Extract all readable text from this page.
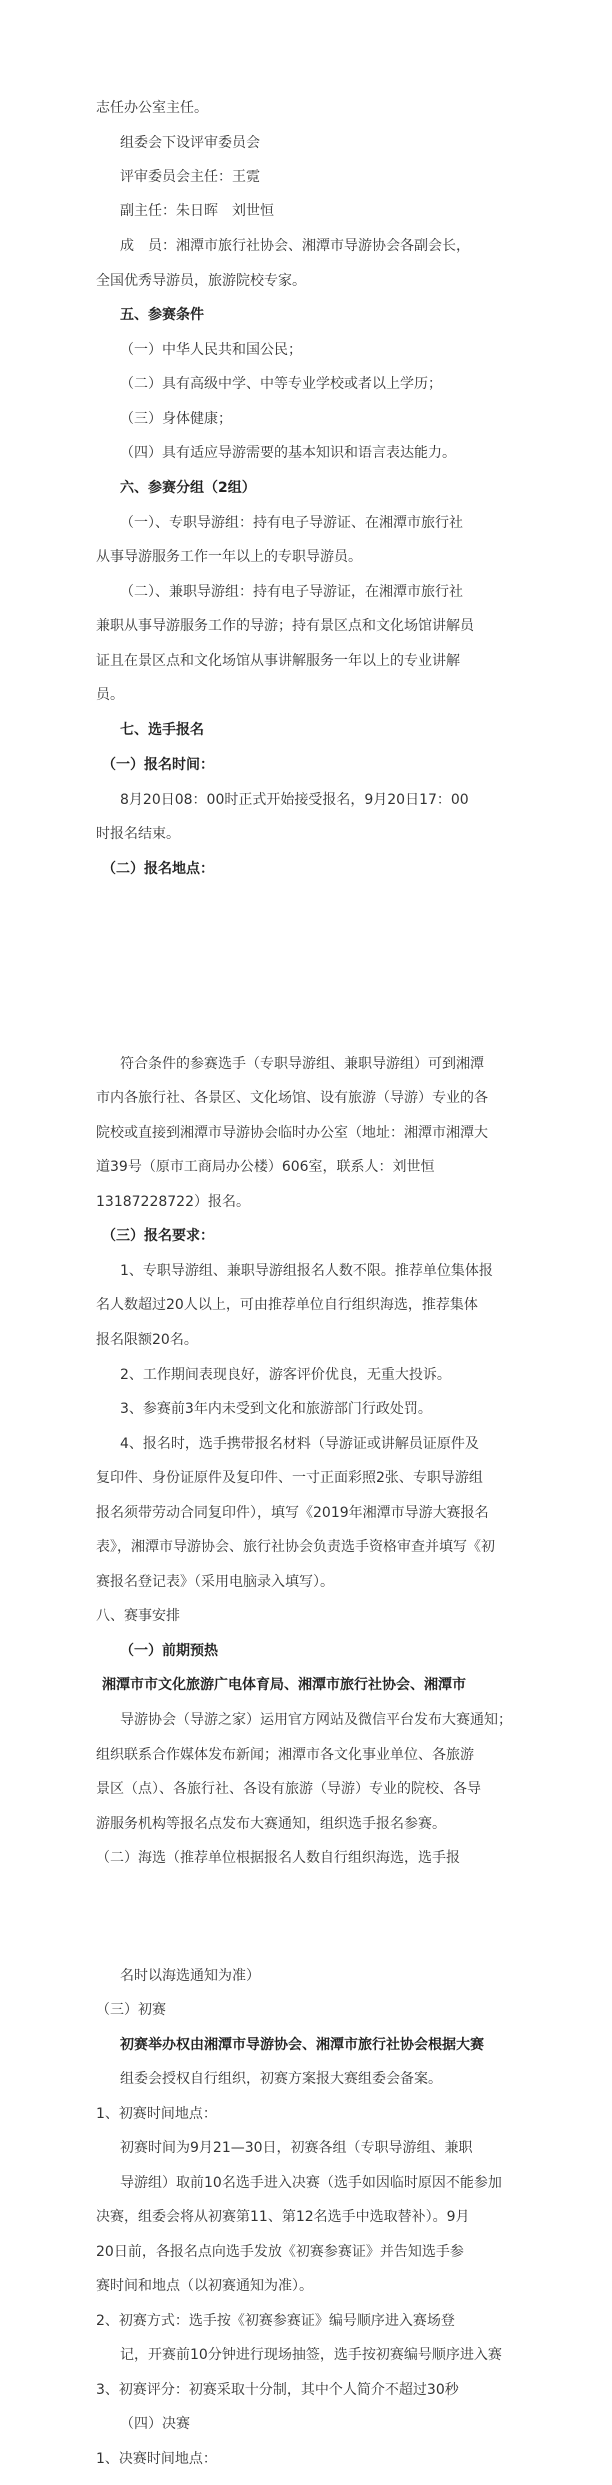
志任办公室主任。
组委会下设评审委员会
评审委员会主任：王霓
副主任：朱日晖　刘世恒
成　员：湘潭市旅行社协会、湘潭市导游协会各副会长，
全国优秀导游员，旅游院校专家。
五、参赛条件
（一）中华人民共和国公民；
（二）具有高级中学、中等专业学校或者以上学历；
（三）身体健康；
（四）具有适应导游需要的基本知识和语言表达能力。
六、参赛分组（2组）
（一）、专职导游组：持有电子导游证、在湘潭市旅行社
从事导游服务工作一年以上的专职导游员。
（二）、兼职导游组：持有电子导游证，在湘潭市旅行社
兼职从事导游服务工作的导游；持有景区点和文化场馆讲解员
证且在景区点和文化场馆从事讲解服务一年以上的专业讲解
员。
七、选手报名
（一）报名时间：
8月20日08：00时正式开始接受报名，9月20日17：00
时报名结束。
（二）报名地点：
符合条件的参赛选手（专职导游组、兼职导游组）可到湘潭
市内各旅行社、各景区、文化场馆、设有旅游（导游）专业的各
院校或直接到湘潭市导游协会临时办公室（地址：湘潭市湘潭大
道39号（原市工商局办公楼）606室，联系人：刘世恒
13187228722）报名。
（三）报名要求：
1、专职导游组、兼职导游组报名人数不限。推荐单位集体报
名人数超过20人以上，可由推荐单位自行组织海选，推荐集体
报名限额20名。
2、工作期间表现良好，游客评价优良，无重大投诉。
3、参赛前3年内未受到文化和旅游部门行政处罚。
4、报名时，选手携带报名材料（导游证或讲解员证原件及
复印件、身份证原件及复印件、一寸正面彩照2张、专职导游组
报名须带劳动合同复印件），填写《2019年湘潭市导游大赛报名
表》，湘潭市导游协会、旅行社协会负责选手资格审查并填写《初
赛报名登记表》（采用电脑录入填写）。
八、赛事安排
（一）前期预热
湘潭市市文化旅游广电体育局、湘潭市旅行社协会、湘潭市
导游协会（导游之家）运用官方网站及微信平台发布大赛通知；
组织联系合作媒体发布新闻；湘潭市各文化事业单位、各旅游
景区（点）、各旅行社、各设有旅游（导游）专业的院校、各导
游服务机构等报名点发布大赛通知，组织选手报名参赛。
（二）海选（推荐单位根据报名人数自行组织海选，选手报
名时以海选通知为准）
（三）初赛
初赛举办权由湘潭市导游协会、湘潭市旅行社协会根据大赛
组委会授权自行组织，初赛方案报大赛组委会备案。
1、初赛时间地点：
初赛时间为9月21—30日，初赛各组（专职导游组、兼职
导游组）取前10名选手进入决赛（选手如因临时原因不能参加
决赛，组委会将从初赛第11、第12名选手中选取替补）。9月
20日前，各报名点向选手发放《初赛参赛证》并告知选手参
赛时间和地点（以初赛通知为准）。
2、初赛方式：选手按《初赛参赛证》编号顺序进入赛场登
记，开赛前10分钟进行现场抽签，选手按初赛编号顺序进入赛
3、初赛评分：初赛采取十分制，其中个人简介不超过30秒
（四）决赛
1、决赛时间地点：
